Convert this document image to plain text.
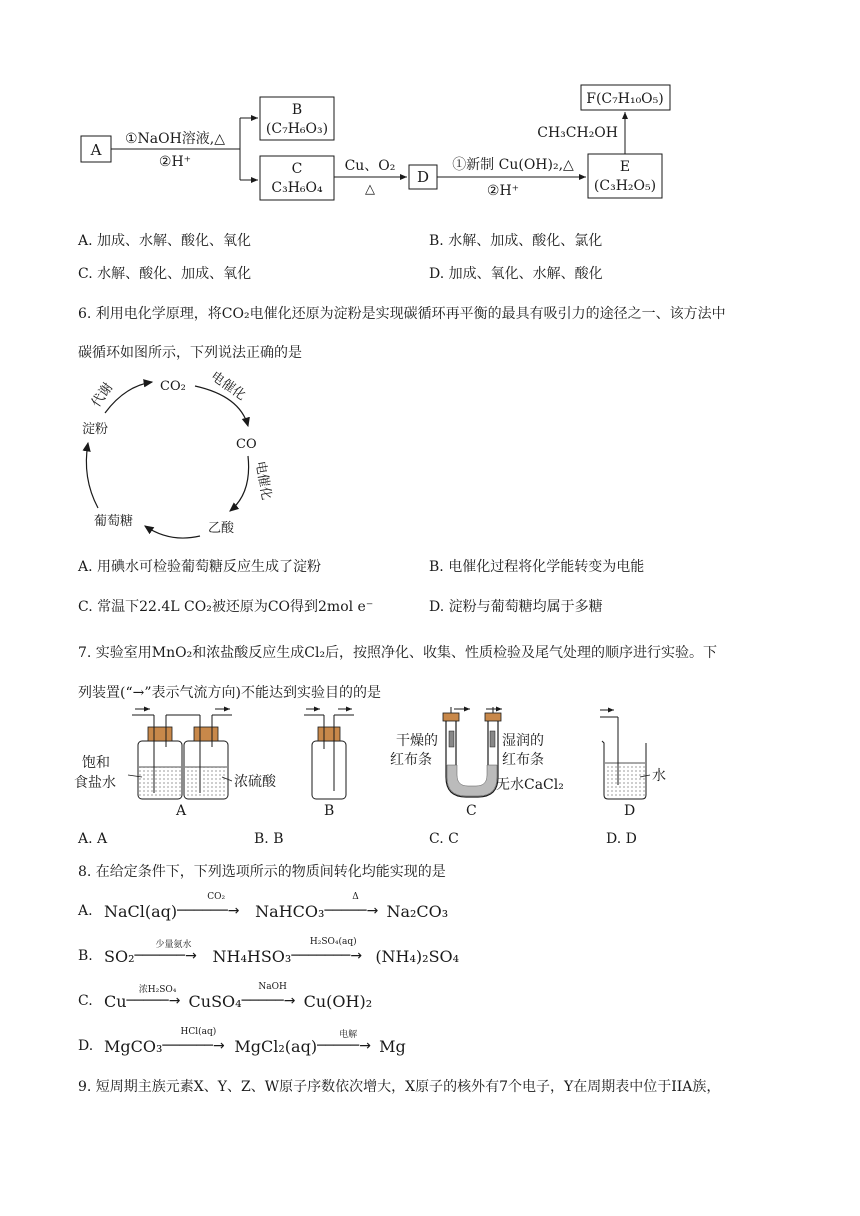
A
①NaOH溶液,△
②H⁺
B
(C₇H₆O₃)
C
C₃H₆O₄
Cu、O₂
△
D
①新制 Cu(OH)₂,△
②H⁺
E
(C₃H₂O₅)
CH₃CH₂OH
F(C₇H₁₀O₅)
A. 加成、水解、酸化、氧化	B. 水解、加成、酸化、氯化
C. 水解、酸化、加成、氧化	D. 加成、氧化、水解、酸化
6. 利用电化学原理，将CO₂电催化还原为淀粉是实现碳循环再平衡的最具有吸引力的途径之一、该方法中
碳循环如图所示，下列说法正确的是
CO₂
CO
乙酸
葡萄糖
淀粉
代谢	电催化
电催化
A. 用碘水可检验葡萄糖反应生成了淀粉	B. 电催化过程将化学能转变为电能
C. 常温下22.4L CO₂被还原为CO得到2mol e⁻	D. 淀粉与葡萄糖均属于多糖
7. 实验室用MnO₂和浓盐酸反应生成Cl₂后，按照净化、收集、性质检验及尾气处理的顺序进行实验。下
列装置(“→”表示气流方向)不能达到实验目的的是
饱和
食盐水	浓硫酸
A	B
干燥的
红布条
湿润的
红布条
无水CaCl₂
C
水
D
A. A	B. B	C. C	D. D
8. 在给定条件下，下列选项所示的物质间转化均能实现的是
A. NaCl(aq)
CO₂
──────→ NaHCO₃
Δ
─────→ Na₂CO₃
B. SO₂
少量氨水
──────→ NH₄HSO₃
H₂SO₄(aq)
───────→ (NH₄)₂SO₄
C. Cu
浓H₂SO₄
─────→ CuSO₄
NaOH
─────→ Cu(OH)₂
D. MgCO₃
HCl(aq)
──────→ MgCl₂(aq)
电解
─────→ Mg
9. 短周期主族元素X、Y、Z、W原子序数依次增大，X原子的核外有7个电子，Y在周期表中位于IIA族，
